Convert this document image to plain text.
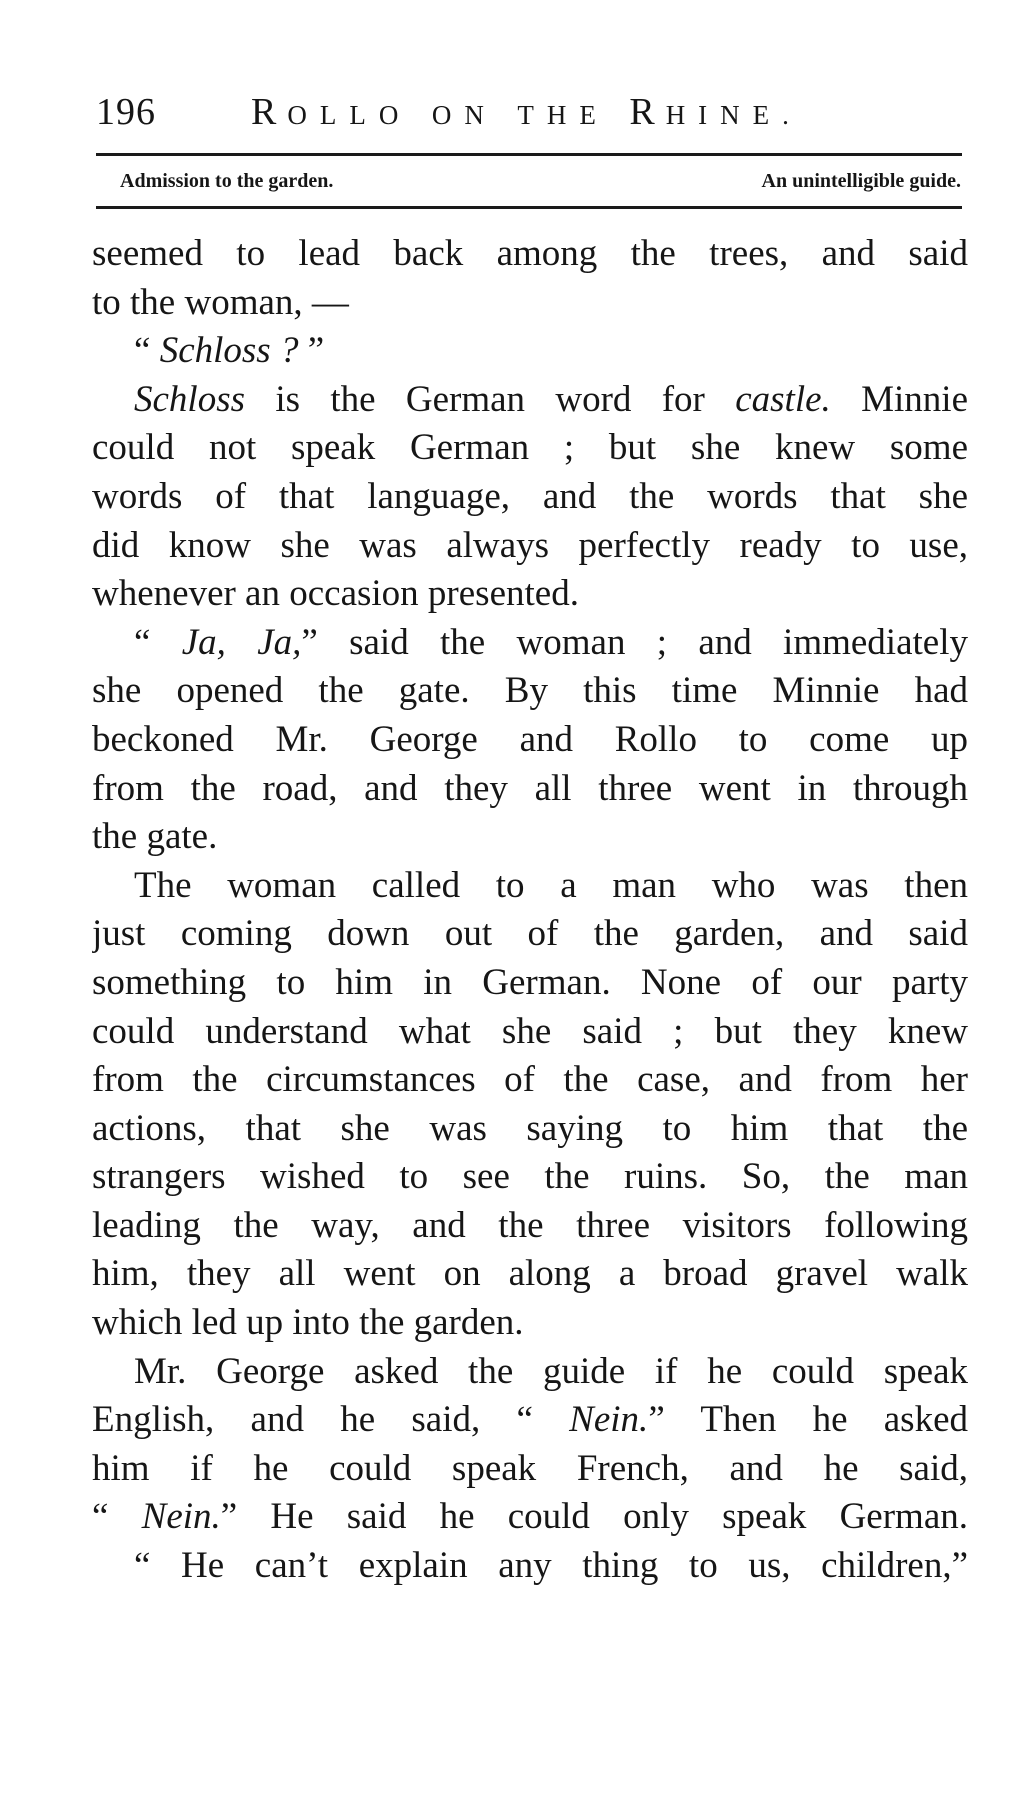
196	ROLLO ON THE RHINE.
Admission to the garden.	An unintelligible guide.
seemed to lead back among the trees, and said
to the woman, —
“ Schloss ? ”
Schloss is the German word for castle. Minnie
could not speak German ; but she knew some
words of that language, and the words that she
did know she was always perfectly ready to use,
whenever an occasion presented.
“ Ja, Ja,” said the woman ; and immediately
she opened the gate. By this time Minnie had
beckoned Mr. George and Rollo to come up
from the road, and they all three went in through
the gate.
The woman called to a man who was then
just coming down out of the garden, and said
something to him in German. None of our party
could understand what she said ; but they knew
from the circumstances of the case, and from her
actions, that she was saying to him that the
strangers wished to see the ruins. So, the man
leading the way, and the three visitors following
him, they all went on along a broad gravel walk
which led up into the garden.
Mr. George asked the guide if he could speak
English, and he said, “ Nein.” Then he asked
him if he could speak French, and he said,
“ Nein.” He said he could only speak German.
“ He can’t explain any thing to us, children,”
